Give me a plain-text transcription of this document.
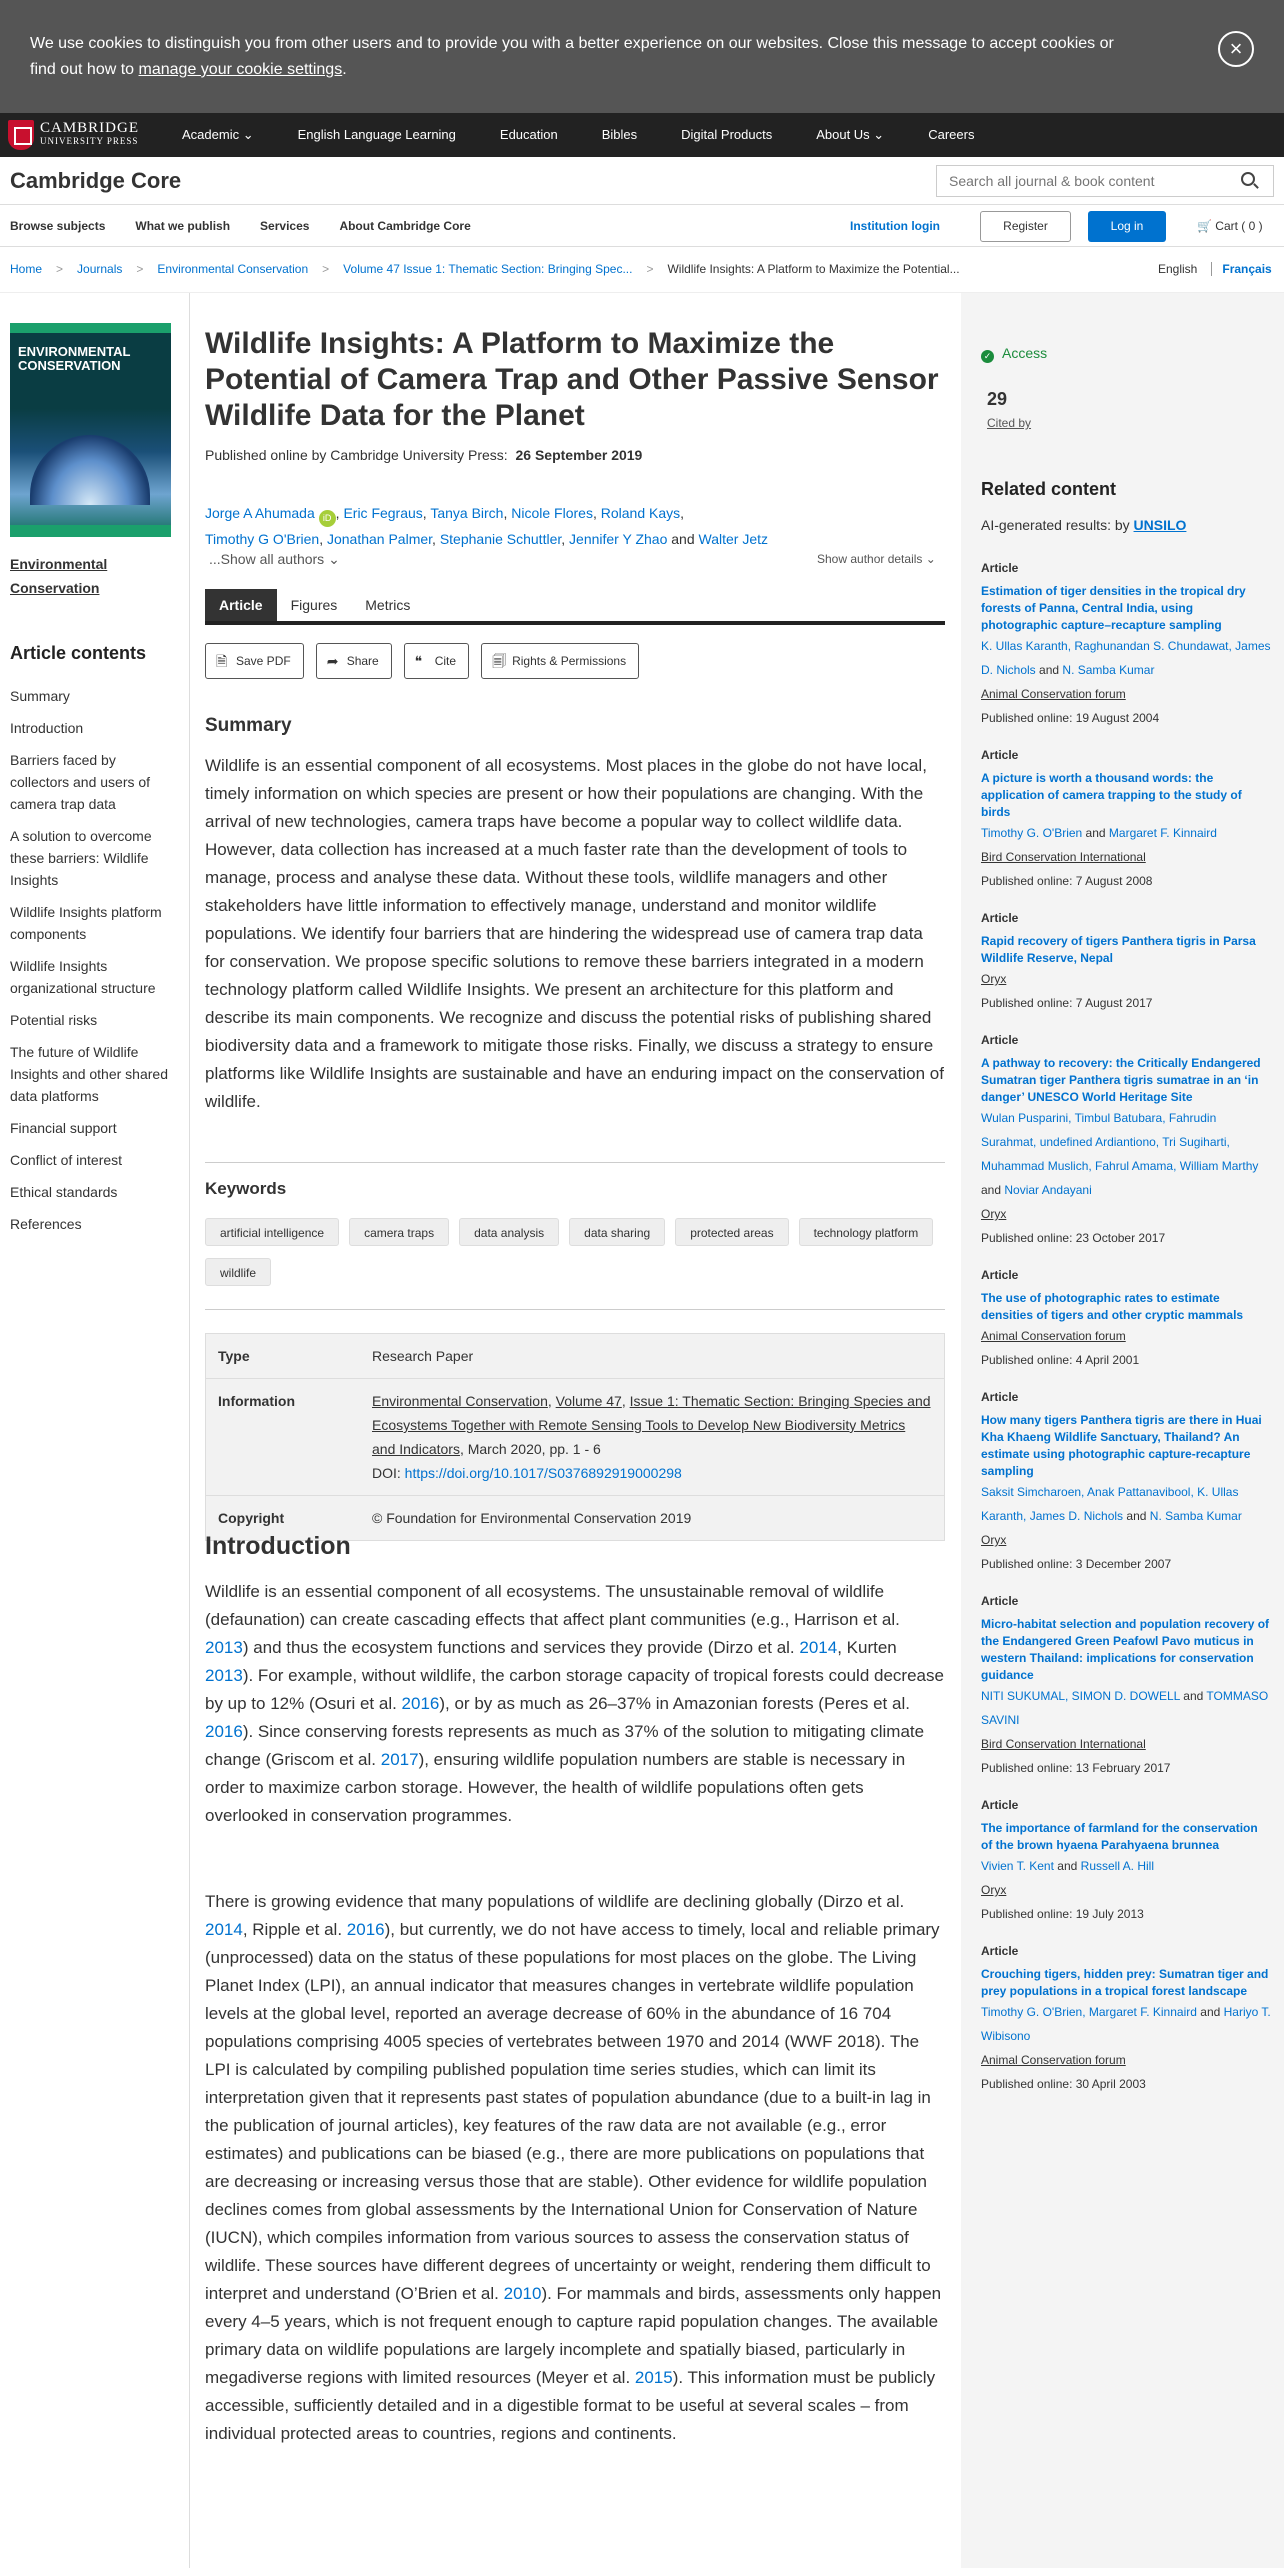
We use cookies to distinguish you from other users and to provide you with a better experience on our websites. Close this message to accept cookies or find out how to manage your cookie settings.
×
CAMBRIDGE
UNIVERSITY PRESS	Academic ⌄	English Language Learning	Education	Bibles	Digital Products	About Us ⌄	Careers
Cambridge Core
Search all journal & book content
Browse subjects	What we publish	Services	About Cambridge Core	Institution login	Register	Log in	🛒 Cart ( 0 )
Home > Journals > Environmental Conservation > Volume 47 Issue 1: Thematic Section: Bringing Spec... > Wildlife Insights: A Platform to Maximize the Potential...	English Français
ENVIRONMENTAL CONSERVATION
Environmental Conservation
Article contents
Summary
Introduction
Barriers faced by collectors and users of camera trap data
A solution to overcome these barriers: Wildlife Insights
Wildlife Insights platform components
Wildlife Insights organizational structure
Potential risks
The future of Wildlife Insights and other shared data platforms
Financial support
Conflict of interest
Ethical standards
References
Wildlife Insights: A Platform to Maximize the Potential of Camera Trap and Other Passive Sensor Wildlife Data for the Planet
Published online by Cambridge University Press: 26 September 2019
Jorge A Ahumada iD , Eric Fegraus, Tanya Birch, Nicole Flores, Roland Kays,
Timothy G O'Brien, Jonathan Palmer, Stephanie Schuttler, Jennifer Y Zhao and Walter Jetz
...Show all authors ⌄	Show author details ⌄
Article	Figures	Metrics
🗎 Save PDF	➦ Share	❝	Cite	🗐 Rights & Permissions
Summary

Wildlife is an essential component of all ecosystems. Most places in the globe do not have local, timely information on which species are present or how their populations are changing. With the arrival of new technologies, camera traps have become a popular way to collect wildlife data. However, data collection has increased at a much faster rate than the development of tools to manage, process and analyse these data. Without these tools, wildlife managers and other stakeholders have little information to effectively manage, understand and monitor wildlife populations. We identify four barriers that are hindering the widespread use of camera trap data for conservation. We propose specific solutions to remove these barriers integrated in a modern technology platform called Wildlife Insights. We present an architecture for this platform and describe its main components. We recognize and discuss the potential risks of publishing shared biodiversity data and a framework to mitigate those risks. Finally, we discuss a strategy to ensure platforms like Wildlife Insights are sustainable and have an enduring impact on the conservation of wildlife.

Keywords
artificial intelligence	camera traps	data analysis	data sharing	protected areas	technology platformwildlife
Type	Research Paper
Information	Environmental Conservation, Volume 47, Issue 1: Thematic Section: Bringing Species and Ecosystems Together with Remote Sensing Tools to Develop New Biodiversity Metrics and Indicators, March 2020, pp. 1 - 6
DOI: https://doi.org/10.1017/S0376892919000298
Copyright	© Foundation for Environmental Conservation 2019
Introduction

Wildlife is an essential component of all ecosystems. The unsustainable removal of wildlife (defaunation) can create cascading effects that affect plant communities (e.g., Harrison et al. 2013) and thus the ecosystem functions and services they provide (Dirzo et al. 2014, Kurten 2013). For example, without wildlife, the carbon storage capacity of tropical forests could decrease by up to 12% (Osuri et al. 2016), or by as much as 26–37% in Amazonian forests (Peres et al. 2016). Since conserving forests represents as much as 37% of the solution to mitigating climate change (Griscom et al. 2017), ensuring wildlife population numbers are stable is necessary in order to maximize carbon storage. However, the health of wildlife populations often gets overlooked in conservation programmes.

There is growing evidence that many populations of wildlife are declining globally (Dirzo et al. 2014, Ripple et al. 2016), but currently, we do not have access to timely, local and reliable primary (unprocessed) data on the status of these populations for most places on the globe. The Living Planet Index (LPI), an annual indicator that measures changes in vertebrate wildlife population levels at the global level, reported an average decrease of 60% in the abundance of 16 704 populations comprising 4005 species of vertebrates between 1970 and 2014 (WWF 2018). The LPI is calculated by compiling published population time series studies, which can limit its interpretation given that it represents past states of population abundance (due to a built-in lag in the publication of journal articles), key features of the raw data are not available (e.g., error estimates) and publications can be biased (e.g., there are more publications on populations that are decreasing or increasing versus those that are stable). Other evidence for wildlife population declines comes from global assessments by the International Union for Conservation of Nature (IUCN), which compiles information from various sources to assess the conservation status of wildlife. These sources have different degrees of uncertainty or weight, rendering them difficult to interpret and understand (O’Brien et al. 2010). For mammals and birds, assessments only happen every 4–5 years, which is not frequent enough to capture rapid population changes. The available primary data on wildlife populations are largely incomplete and spatially biased, particularly in megadiverse regions with limited resources (Meyer et al. 2015). This information must be publicly accessible, sufficiently detailed and in a digestible format to be useful at several scales – from individual protected areas to countries, regions and continents.

✓ Access
29
Cited by
Related content
AI-generated results: by UNSILO
Article
Estimation of tiger densities in the tropical dry forests of Panna, Central India, using photographic capture–recapture sampling
K. Ullas Karanth, Raghunandan S. Chundawat, James D. Nichols and N. Samba Kumar
Animal Conservation forum
Published online: 19 August 2004
Article
A picture is worth a thousand words: the application of camera trapping to the study of birds
Timothy G. O'Brien and Margaret F. Kinnaird
Bird Conservation International
Published online: 7 August 2008
Article
Rapid recovery of tigers Panthera tigris in Parsa Wildlife Reserve, Nepal
Oryx
Published online: 7 August 2017
Article
A pathway to recovery: the Critically Endangered Sumatran tiger Panthera tigris sumatrae in an ‘in danger’ UNESCO World Heritage Site
Wulan Pusparini, Timbul Batubara, Fahrudin Surahmat, undefined Ardiantiono, Tri Sugiharti, Muhammad Muslich, Fahrul Amama, William Marthy and Noviar Andayani
Oryx
Published online: 23 October 2017
Article
The use of photographic rates to estimate densities of tigers and other cryptic mammals
Animal Conservation forum
Published online: 4 April 2001
Article
How many tigers Panthera tigris are there in Huai Kha Khaeng Wildlife Sanctuary, Thailand? An estimate using photographic capture-recapture sampling
Saksit Simcharoen, Anak Pattanavibool, K. Ullas Karanth, James D. Nichols and N. Samba Kumar
Oryx
Published online: 3 December 2007
Article
Micro-habitat selection and population recovery of the Endangered Green Peafowl Pavo muticus in western Thailand: implications for conservation guidance
NITI SUKUMAL, SIMON D. DOWELL and TOMMASO SAVINI
Bird Conservation International
Published online: 13 February 2017
Article
The importance of farmland for the conservation of the brown hyaena Parahyaena brunnea
Vivien T. Kent and Russell A. Hill
Oryx
Published online: 19 July 2013
Article
Crouching tigers, hidden prey: Sumatran tiger and prey populations in a tropical forest landscape
Timothy G. O'Brien, Margaret F. Kinnaird and Hariyo T. Wibisono
Animal Conservation forum
Published online: 30 April 2003
